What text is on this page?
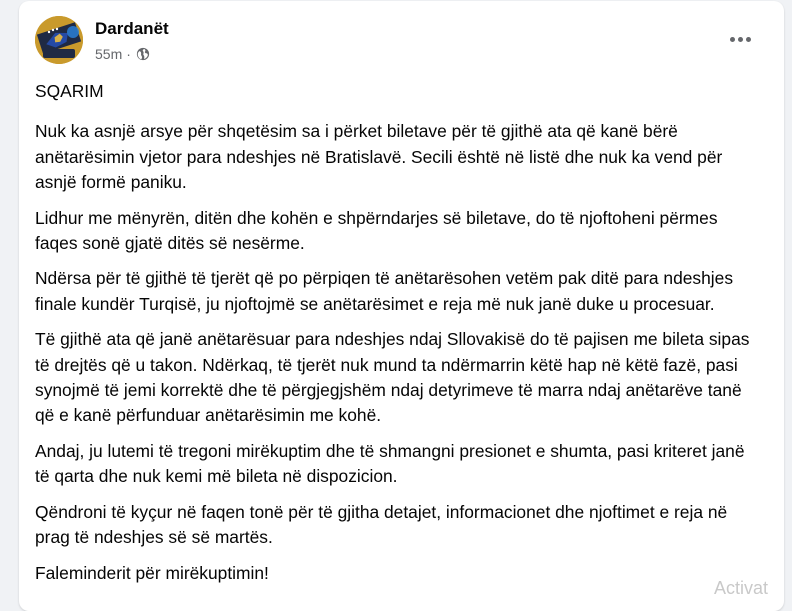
Dardanët
55m ·

SQARIM

Nuk ka asnjë arsye për shqetësim sa i përket biletave për të gjithë ata që kanë bërë anëtarësimin vjetor para ndeshjes në Bratislavë. Secili është në listë dhe nuk ka vend për asnjë formë paniku.

Lidhur me mënyrën, ditën dhe kohën e shpërndarjes së biletave, do të njoftoheni përmes faqes sonë gjatë ditës së nesërme.

Ndërsa për të gjithë të tjerët që po përpiqen të anëtarësohen vetëm pak ditë para ndeshjes finale kundër Turqisë, ju njoftojmë se anëtarësimet e reja më nuk janë duke u procesuar.

Të gjithë ata që janë anëtarësuar para ndeshjes ndaj Sllovakisë do të pajisen me bileta sipas të drejtës që u takon. Ndërkaq, të tjerët nuk mund ta ndërmarrin këtë hap në këtë fazë, pasi synojmë të jemi korrektë dhe të përgjegjshëm ndaj detyrimeve të marra ndaj anëtarëve tanë që e kanë përfunduar anëtarësimin me kohë.

Andaj, ju lutemi të tregoni mirëkuptim dhe të shmangni presionet e shumta, pasi kriteret janë të qarta dhe nuk kemi më bileta në dispozicion.

Qëndroni të kyçur në faqen tonë për të gjitha detajet, informacionet dhe njoftimet e reja në prag të ndeshjes së së martës.

Faleminderit për mirëkuptimin!

Activat
